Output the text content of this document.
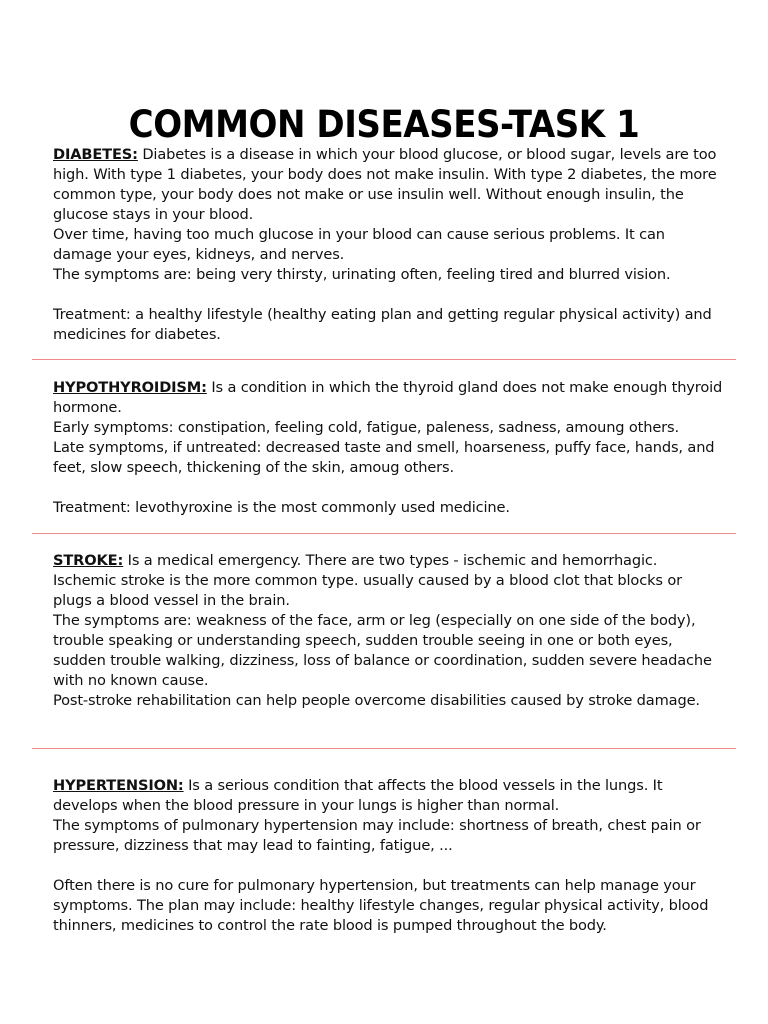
COMMON DISEASES-TASK 1

DIABETES: Diabetes is a disease in which your blood glucose, or blood sugar, levels are too high. With type 1 diabetes, your body does not make insulin. With type 2 diabetes, the more common type, your body does not make or use insulin well. Without enough insulin, the glucose stays in your blood.

Over time, having too much glucose in your blood can cause serious problems. It can damage your eyes, kidneys, and nerves.

The symptoms are: being very thirsty, urinating often, feeling tired and blurred vision.

Treatment: a healthy lifestyle (healthy eating plan and getting regular physical activity) and medicines for diabetes.

HYPOTHYROIDISM: Is a condition in which the thyroid gland does not make enough thyroid hormone.

Early symptoms: constipation, feeling cold, fatigue, paleness, sadness, amoung others.

Late symptoms, if untreated: decreased taste and smell, hoarseness, puffy face, hands, and feet, slow speech, thickening of the skin, amoug others.

Treatment: levothyroxine is the most commonly used medicine.

STROKE: Is a medical emergency. There are two types - ischemic and hemorrhagic. Ischemic stroke is the more common type. usually caused by a blood clot that blocks or plugs a blood vessel in the brain.

The symptoms are: weakness of the face, arm or leg (especially on one side of the body), trouble speaking or understanding speech, sudden trouble seeing in one or both eyes, sudden trouble walking, dizziness, loss of balance or coordination, sudden severe headache with no known cause.

Post-stroke rehabilitation can help people overcome disabilities caused by stroke damage.

HYPERTENSION: Is a serious condition that affects the blood vessels in the lungs. It develops when the blood pressure in your lungs is higher than normal.

The symptoms of pulmonary hypertension may include: shortness of breath, chest pain or pressure, dizziness that may lead to fainting, fatigue, ...

Often there is no cure for pulmonary hypertension, but treatments can help manage your symptoms. The plan may include: healthy lifestyle changes, regular physical activity, blood thinners, medicines to control the rate blood is pumped throughout the body.
